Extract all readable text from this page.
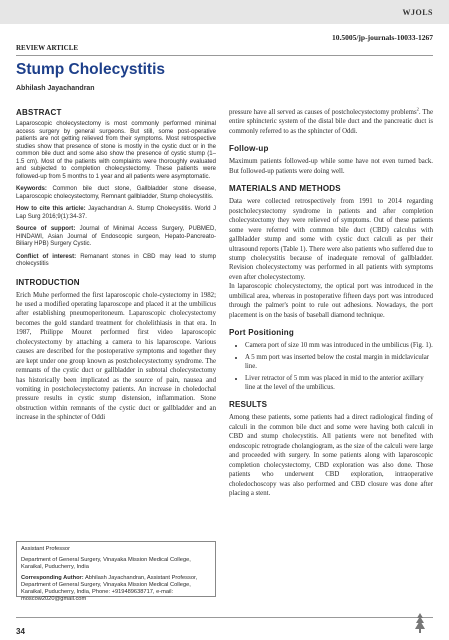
WJOLS
10.5005/jp-journals-10033-1267
REVIEW ARTICLE
Stump Cholecystitis
Abhilash Jayachandran
ABSTRACT

Laparoscopic cholecystectomy is most commonly performed minimal access surgery by general surgeons. But still, some post-operative patients are not getting relieved from their symptoms. Most retrospective studies show that presence of stone is mostly in the cystic duct or in the common bile duct and some also show the presence of cystic stump (1–1.5 cm). Most of the patients with complaints were thoroughly evaluated and subjected to completion cholecystectomy. These patients were followed-up from 5 months to 1 year and all patients were asymptomatic.

Keywords: Common bile duct stone, Gallbladder stone disease, Laparoscopic cholecystectomy, Remnant gallbladder, Stump cholecystitis.

How to cite this article: Jayachandran A. Stump Cholecystitis. World J Lap Surg 2016;9(1):34-37.

Source of support: Journal of Minimal Access Surgery, PUBMED, HINDAWI, Asian Journal of Endoscopic surgeon, Hepato-Pancreato- Biliary HPB) Surgery Cystic.

Conflict of interest: Remanant stones in CBD may lead to stump cholecystitis

INTRODUCTION

Erich Muhe performed the first laparoscopic chole-cystectomy in 1982; he used a modified operating laparoscope and placed it at the umbilicus after establishing pneumoperitoneum. Laparoscopic cholecystectomy becomes the gold standard treatment for cholelithiasis in that era. In 1987, Philippe Mouret performed first video laparoscopic cholecystectomy by attaching a camera to his laparoscope. Various causes are described for the postoperative symptoms and together they are kept under one group known as postcholecystectomy syndrome. The remnants of the cystic duct or gallbladder in subtotal cholecystectomy has historically been implicated as the source of pain, nausea and vomiting in postcholecystectomy patients. An increase in choledochal pressure results in cystic stump distension, inflammation. Stone obstruction within remnants of the cystic duct or gallbladder and an increase in the sphincter of Oddi

pressure have all served as causes of postcholecystectomy problems$^2$. The entire sphincteric system of the distal bile duct and the pancreatic duct is commonly referred to as the sphincter of Oddi.

Follow-up

Maximum patients followed-up while some have not even turned back. But followed-up patients were doing well.

MATERIALS AND METHODS

Data were collected retrospectively from 1991 to 2014 regarding postcholecystectomy syndrome in patients and after completion cholecystectomy they were relieved of symptoms. Out of these patients some were referred with common bile duct (CBD) calculus with gallbladder stump and some with cystic duct calculi as per their ultrasound reports (Table 1). There were also patients who suffered due to stump cholecystitis because of inadequate removal of gallbladder. Revision cholecystectomy was performed in all patients with symptoms even after cholecystectomy.

In laparoscopic cholecystectomy, the optical port was introduced in the umbilical area, whereas in postoperative fifteen days port was introduced through the palmer's point to rule out adhesions. Nowadays, the port placement is on the basis of baseball diamond technique.

Port Positioning
• Camera port of size 10 mm was introduced in the umbilicus (Fig. 1).
• A 5 mm port was inserted below the costal margin in midclavicular line.
• Liver retractor of 5 mm was placed in mid to the anterior axillary line at the level of the umbilicus.
RESULTS

Among these patients, some patients had a direct radiological finding of calculi in the common bile duct and some were having both calculi in CBD and stump cholecystitis. All patients were not benefited with endoscopic retrograde cholangiogram, as the size of the calculi were large and proceeded with surgery. In some patients along with laparoscopic completion cholecystectomy, CBD exploration was also done. Those patients who underwent CBD exploration, intraoperative choledochoscopy was also performed and CBD closure was done after placing a stent.

Assistant Professor

Department of General Surgery, Vinayaka Mission Medical College, Karaikal, Puducherry, India

Corresponding Author: Abhilash Jayachandran, Assistant Professor, Department of General Surgery, Vinayaka Mission Medical College, Karaikal, Puducherry, India, Phone: +919489638717, e-mail: moscow2020@gmail.com

34
